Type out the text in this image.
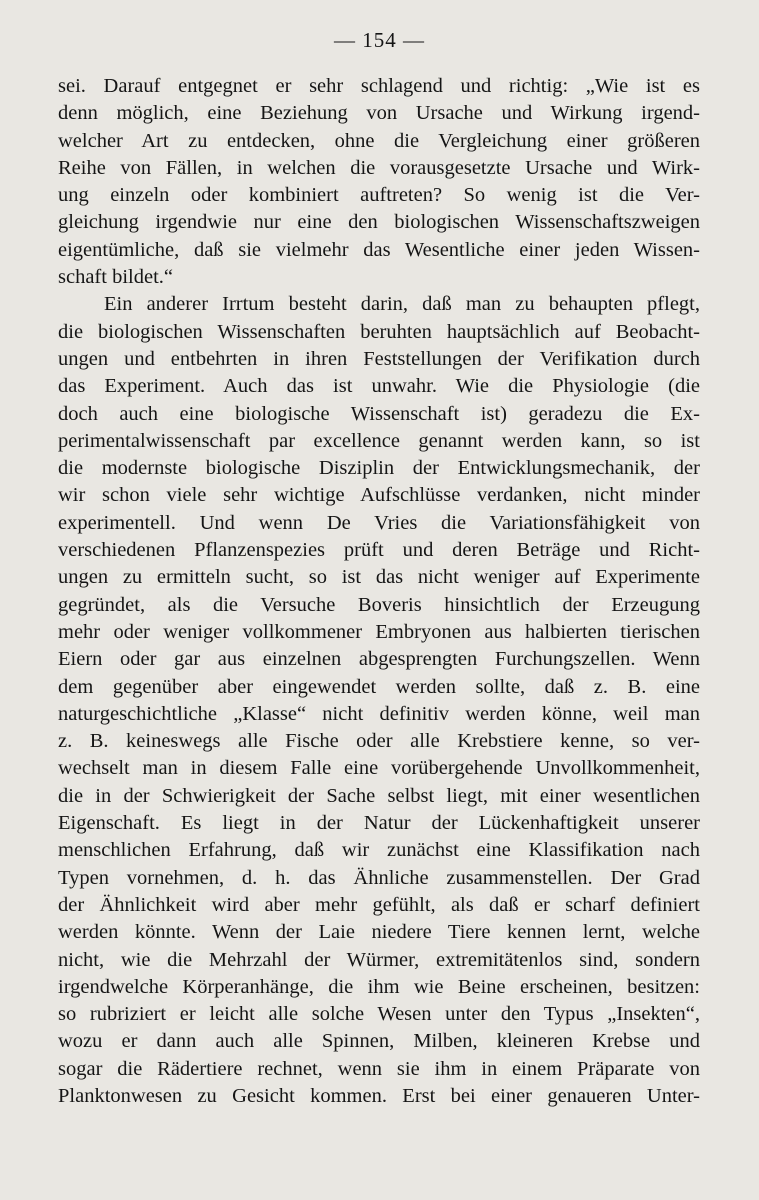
— 154 —
sei. Darauf entgegnet er sehr schlagend und richtig: „Wie ist es
denn möglich, eine Beziehung von Ursache und Wirkung irgend-
welcher Art zu entdecken, ohne die Vergleichung einer größeren
Reihe von Fällen, in welchen die vorausgesetzte Ursache und Wirk-
ung einzeln oder kombiniert auftreten? So wenig ist die Ver-
gleichung irgendwie nur eine den biologischen Wissenschaftszweigen
eigentümliche, daß sie vielmehr das Wesentliche einer jeden Wissen-
schaft bildet.“
Ein anderer Irrtum besteht darin, daß man zu behaupten pflegt,
die biologischen Wissenschaften beruhten hauptsächlich auf Beobacht-
ungen und entbehrten in ihren Feststellungen der Verifikation durch
das Experiment. Auch das ist unwahr. Wie die Physiologie (die
doch auch eine biologische Wissenschaft ist) geradezu die Ex-
perimentalwissenschaft par excellence genannt werden kann, so ist
die modernste biologische Disziplin der Entwicklungsmechanik, der
wir schon viele sehr wichtige Aufschlüsse verdanken, nicht minder
experimentell. Und wenn De Vries die Variationsfähigkeit von
verschiedenen Pflanzenspezies prüft und deren Beträge und Richt-
ungen zu ermitteln sucht, so ist das nicht weniger auf Experimente
gegründet, als die Versuche Boveris hinsichtlich der Erzeugung
mehr oder weniger vollkommener Embryonen aus halbierten tierischen
Eiern oder gar aus einzelnen abgesprengten Furchungszellen. Wenn
dem gegenüber aber eingewendet werden sollte, daß z. B. eine
naturgeschichtliche „Klasse“ nicht definitiv werden könne, weil man
z. B. keineswegs alle Fische oder alle Krebstiere kenne, so ver-
wechselt man in diesem Falle eine vorübergehende Unvollkommenheit,
die in der Schwierigkeit der Sache selbst liegt, mit einer wesentlichen
Eigenschaft. Es liegt in der Natur der Lückenhaftigkeit unserer
menschlichen Erfahrung, daß wir zunächst eine Klassifikation nach
Typen vornehmen, d. h. das Ähnliche zusammenstellen. Der Grad
der Ähnlichkeit wird aber mehr gefühlt, als daß er scharf definiert
werden könnte. Wenn der Laie niedere Tiere kennen lernt, welche
nicht, wie die Mehrzahl der Würmer, extremitätenlos sind, sondern
irgendwelche Körperanhänge, die ihm wie Beine erscheinen, besitzen:
so rubriziert er leicht alle solche Wesen unter den Typus „Insekten“,
wozu er dann auch alle Spinnen, Milben, kleineren Krebse und
sogar die Rädertiere rechnet, wenn sie ihm in einem Präparate von
Planktonwesen zu Gesicht kommen. Erst bei einer genaueren Unter-
